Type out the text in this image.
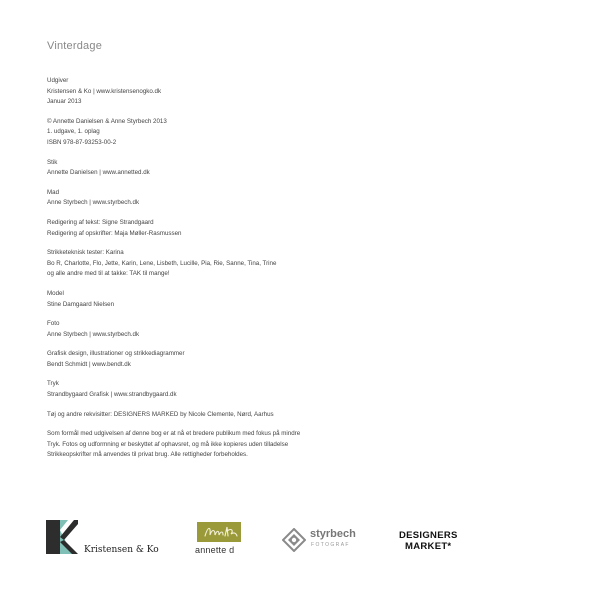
Vinterdage
Udgiver
Kristensen & Ko | www.kristensenogko.dk
Januar 2013
© Annette Danielsen & Anne Styrbech 2013
1. udgave, 1. oplag
ISBN 978-87-93253-00-2
Stik
Annette Danielsen | www.annetted.dk
Mad
Anne Styrbech | www.styrbech.dk
Redigering af tekst: Signe Strandgaard
Redigering af opskrifter: Maja Møller-Rasmussen
Strikketeknisk tester: Karina
Bo R, Charlotte, Flo, Jette, Karin, Lene, Lisbeth, Lucille, Pia, Rie, Sanne, Tina, Trine
og alle andre med til at takke: TAK til mange!
Model
Stine Damgaard Nielsen
Foto
Anne Styrbech | www.styrbech.dk
Grafisk design, illustrationer og strikkediagrammer
Bendt Schmidt | www.bendt.dk
Tryk
Strandbygaard Grafisk | www.strandbygaard.dk
Tøj og andre rekvisitter: DESIGNERS MARKED by Nicole Clemente, Nørd, Aarhus
Som formål med udgivelsen af denne bog er at nå et bredere publikum med fokus på mindre
Tryk. Fotos og udformning er beskyttet af ophavsret, og må ikke kopieres uden tilladelse
Strikkeopskrifter må anvendes til privat brug. Alle rettigheder forbeholdes.
Kristensen & Ko	annette d
styrbech
FOTOGRAF
DESIGNERS
MARKET*
